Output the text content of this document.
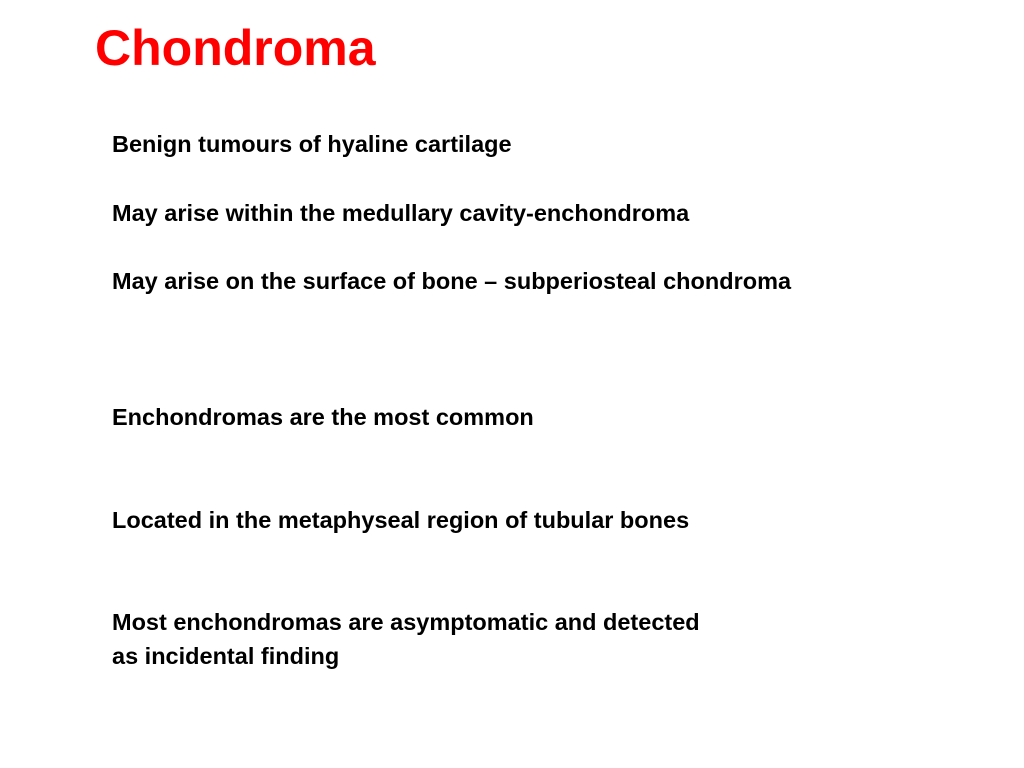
Chondroma

Benign tumours of hyaline cartilage

May arise within the medullary cavity-enchondroma

May arise on the surface of bone – subperiosteal chondroma

Enchondromas are the most common

Located in the metaphyseal region of tubular bones

Most enchondromas are asymptomatic and detected

as incidental finding
